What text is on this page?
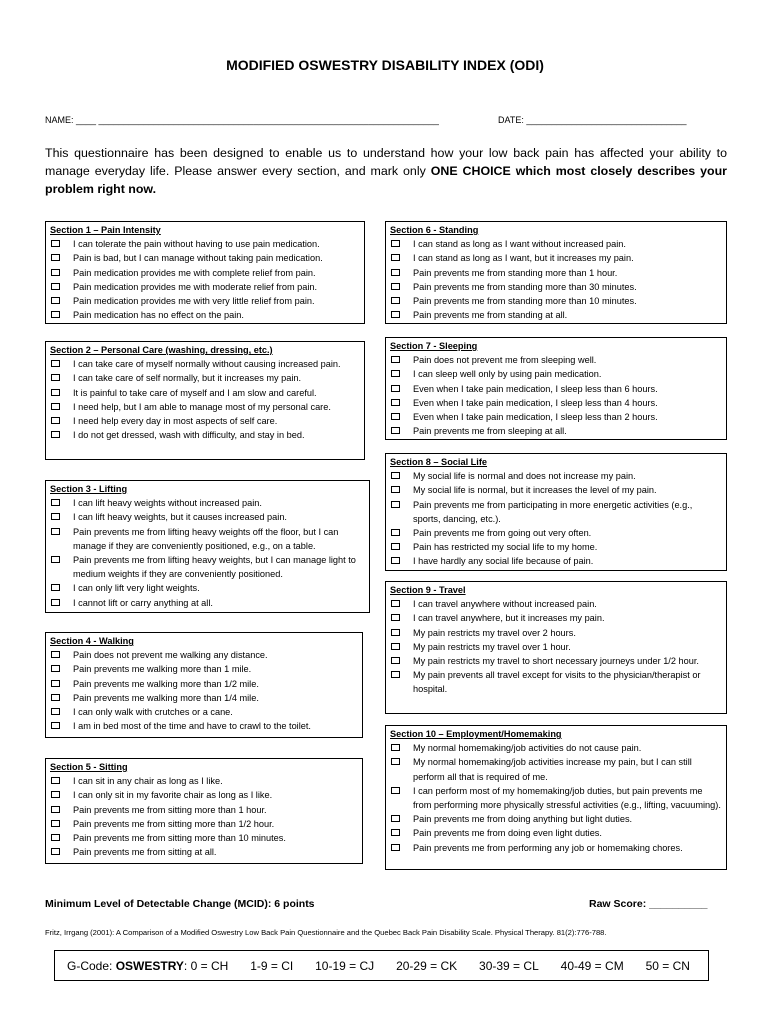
MODIFIED OSWESTRY DISABILITY INDEX (ODI)
NAME: ____ ____________________________________________________________________	DATE: ________________________________
This questionnaire has been designed to enable us to understand how your low back pain has affected your ability to manage everyday life. Please answer every section, and mark only ONE CHOICE which most closely describes your problem right now.
Section 1 – Pain Intensity
I can tolerate the pain without having to use pain medication.
Pain is bad, but I can manage without taking pain medication.
Pain medication provides me with complete relief from pain.
Pain medication provides me with moderate relief from pain.
Pain medication provides me with very little relief from pain.
Pain medication has no effect on the pain.
Section 2 – Personal Care (washing, dressing, etc.)
I can take care of myself normally without causing increased pain.
I can take care of self normally, but it increases my pain.
It is painful to take care of myself and I am slow and careful.
I need help, but I am able to manage most of my personal care.
I need help every day in most aspects of self care.
I do not get dressed, wash with difficulty, and stay in bed.
Section 3 - Lifting
I can lift heavy weights without increased pain.
I can lift heavy weights, but it causes increased pain.
Pain prevents me from lifting heavy weights off the floor, but I can manage if they are conveniently positioned, e.g., on a table.
Pain prevents me from lifting heavy weights, but I can manage light to medium weights if they are conveniently positioned.
I can only lift very light weights.
I cannot lift or carry anything at all.
Section 4 - Walking
Pain does not prevent me walking any distance.
Pain prevents me walking more than 1 mile.
Pain prevents me walking more than 1/2 mile.
Pain prevents me walking more than 1/4 mile.
I can only walk with crutches or a cane.
I am in bed most of the time and have to crawl to the toilet.
Section 5 - Sitting
I can sit in any chair as long as I like.
I can only sit in my favorite chair as long as I like.
Pain prevents me from sitting more than 1 hour.
Pain prevents me from sitting more than 1/2 hour.
Pain prevents me from sitting more than 10 minutes.
Pain prevents me from sitting at all.
Section 6 - Standing
I can stand as long as I want without increased pain.
I can stand as long as I want, but it increases my pain.
Pain prevents me from standing more than 1 hour.
Pain prevents me from standing more than 30 minutes.
Pain prevents me from standing more than 10 minutes.
Pain prevents me from standing at all.
Section 7 - Sleeping
Pain does not prevent me from sleeping well.
I can sleep well only by using pain medication.
Even when I take pain medication, I sleep less than 6 hours.
Even when I take pain medication, I sleep less than 4 hours.
Even when I take pain medication, I sleep less than 2 hours.
Pain prevents me from sleeping at all.
Section 8 – Social Life
My social life is normal and does not increase my pain.
My social life is normal, but it increases the level of my pain.
Pain prevents me from participating in more energetic activities (e.g., sports, dancing, etc.).
Pain prevents me from going out very often.
Pain has restricted my social life to my home.
I have hardly any social life because of pain.
Section 9 - Travel
I can travel anywhere without increased pain.
I can travel anywhere, but it increases my pain.
My pain restricts my travel over 2 hours.
My pain restricts my travel over 1 hour.
My pain restricts my travel to short necessary journeys under 1/2 hour.
My pain prevents all travel except for visits to the physician/therapist or hospital.
Section 10 – Employment/Homemaking
My normal homemaking/job activities do not cause pain.
My normal homemaking/job activities increase my pain, but I can still perform all that is required of me.
I can perform most of my homemaking/job duties, but pain prevents me from performing more physically stressful activities (e.g., lifting, vacuuming).
Pain prevents me from doing anything but light duties.
Pain prevents me from doing even light duties.
Pain prevents me from performing any job or homemaking chores.
Minimum Level of Detectable Change (MCID): 6 points	Raw Score: __________
Fritz, Irrgang (2001): A Comparison of a Modified Oswestry Low Back Pain Questionnaire and the Quebec Back Pain Disability Scale. Physical Therapy. 81(2):776-788.
G-Code: OSWESTRY: 0 = CH 1-9 = CI 10-19 = CJ 20-29 = CK 30-39 = CL 40-49 = CM 50 = CN
